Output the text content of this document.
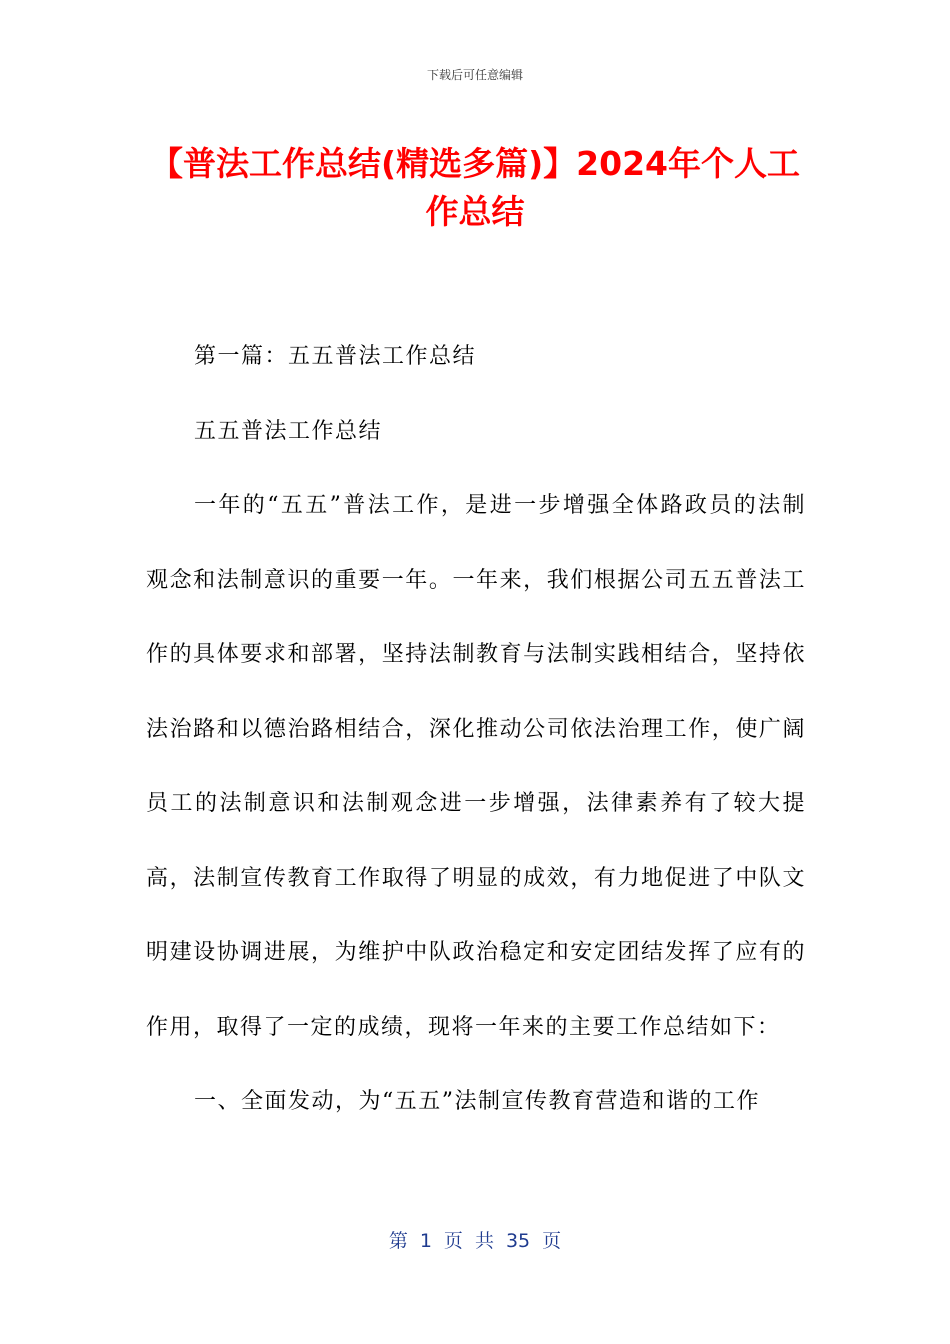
下载后可任意编辑
【普法工作总结(精选多篇)】2024年个人工作总结

第一篇：五五普法工作总结

五五普法工作总结

一年的“五五”普法工作，是进一步增强全体路政员的法制观念和法制意识的重要一年。一年来，我们根据公司五五普法工作的具体要求和部署，坚持法制教育与法制实践相结合，坚持依法治路和以德治路相结合，深化推动公司依法治理工作，使广阔员工的法制意识和法制观念进一步增强，法律素养有了较大提高，法制宣传教育工作取得了明显的成效，有力地促进了中队文明建设协调进展，为维护中队政治稳定和安定团结发挥了应有的作用，取得了一定的成绩，现将一年来的主要工作总结如下：

一、全面发动，为“五五”法制宣传教育营造和谐的工作

第 1 页 共 35 页
